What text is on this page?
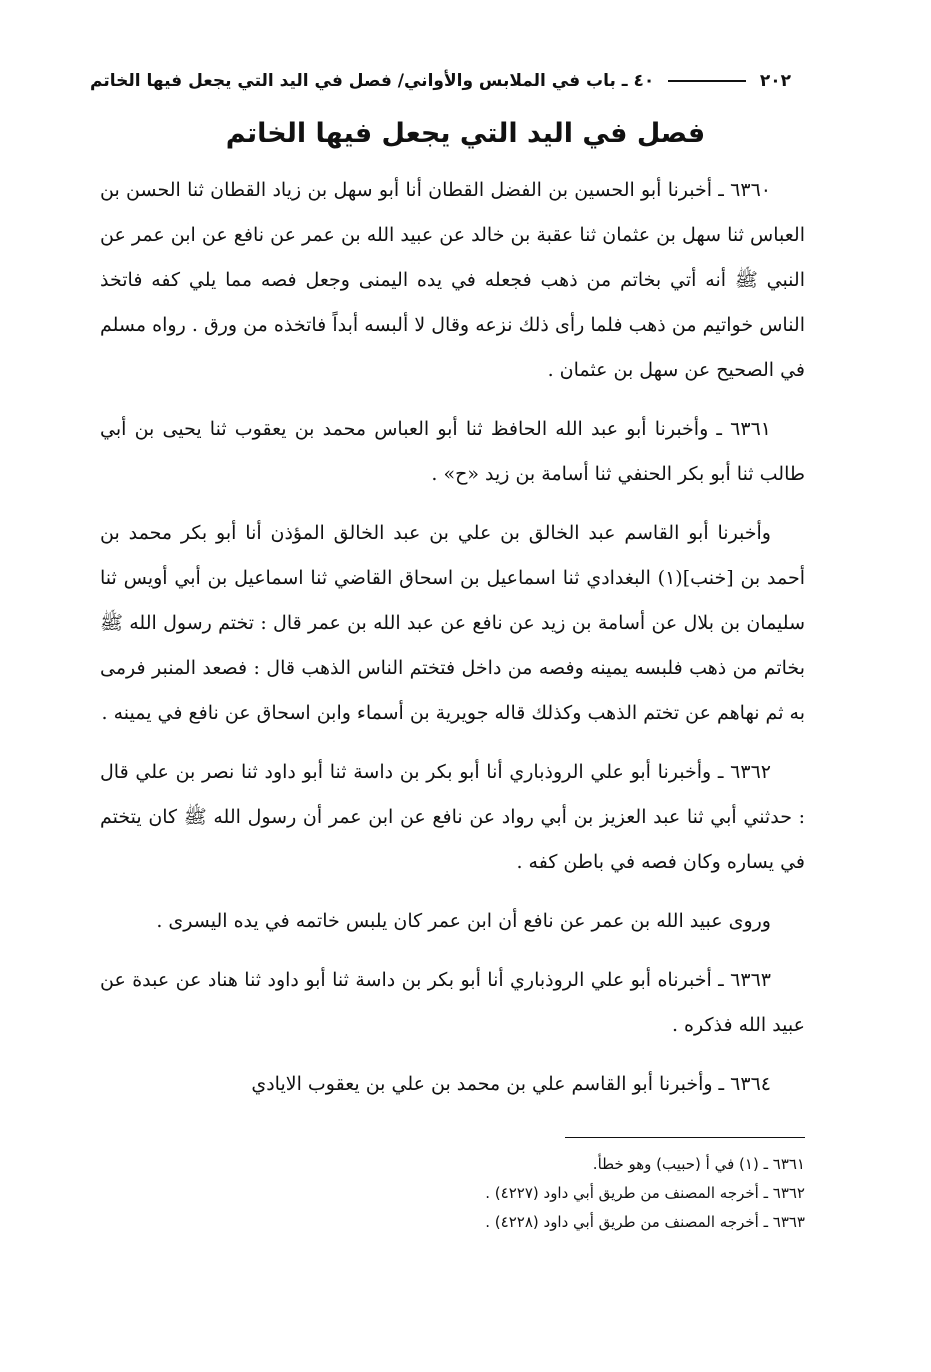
٢٠٢
٤٠ ـ باب في الملابس والأواني/ فصل في اليد التي يجعل فيها الخاتم
فصل في اليد التي يجعل فيها الخاتم

٦٣٦٠ ـ أخبرنا أبو الحسين بن الفضل القطان أنا أبو سهل بن زياد القطان ثنا الحسن بن العباس ثنا سهل بن عثمان ثنا عقبة بن خالد عن عبيد الله بن عمر عن نافع عن ابن عمر عن النبي ﷺ أنه أتي بخاتم من ذهب فجعله في يده اليمنى وجعل فصه مما يلي كفه فاتخذ الناس خواتيم من ذهب فلما رأى ذلك نزعه وقال لا ألبسه أبداً فاتخذه من ورق . رواه مسلم في الصحيح عن سهل بن عثمان .

٦٣٦١ ـ وأخبرنا أبو عبد الله الحافظ ثنا أبو العباس محمد بن يعقوب ثنا يحيى بن أبي طالب ثنا أبو بكر الحنفي ثنا أسامة بن زيد «ح» .

وأخبرنا أبو القاسم عبد الخالق بن علي بن عبد الخالق المؤذن أنا أبو بكر محمد بن أحمد بن [خنب](١) البغدادي ثنا اسماعيل بن اسحاق القاضي ثنا اسماعيل بن أبي أويس ثنا سليمان بن بلال عن أسامة بن زيد عن نافع عن عبد الله بن عمر قال : تختم رسول الله ﷺ بخاتم من ذهب فلبسه يمينه وفصه من داخل فتختم الناس الذهب قال : فصعد المنبر فرمى به ثم نهاهم عن تختم الذهب وكذلك قاله جويرية بن أسماء وابن اسحاق عن نافع في يمينه .

٦٣٦٢ ـ وأخبرنا أبو علي الروذباري أنا أبو بكر بن داسة ثنا أبو داود ثنا نصر بن علي قال : حدثني أبي ثنا عبد العزيز بن أبي رواد عن نافع عن ابن عمر أن رسول الله ﷺ كان يتختم في يساره وكان فصه في باطن كفه .

وروى عبيد الله بن عمر عن نافع أن ابن عمر كان يلبس خاتمه في يده اليسرى .

٦٣٦٣ ـ أخبرناه أبو علي الروذباري أنا أبو بكر بن داسة ثنا أبو داود ثنا هناد عن عبدة عن عبيد الله فذكره .

٦٣٦٤ ـ وأخبرنا أبو القاسم علي بن محمد بن علي بن يعقوب الايادي

٦٣٦١ ـ (١) في أ (حبيب) وهو خطأ.
٦٣٦٢ ـ أخرجه المصنف من طريق أبي داود (٤٢٢٧) .
٦٣٦٣ ـ أخرجه المصنف من طريق أبي داود (٤٢٢٨) .
